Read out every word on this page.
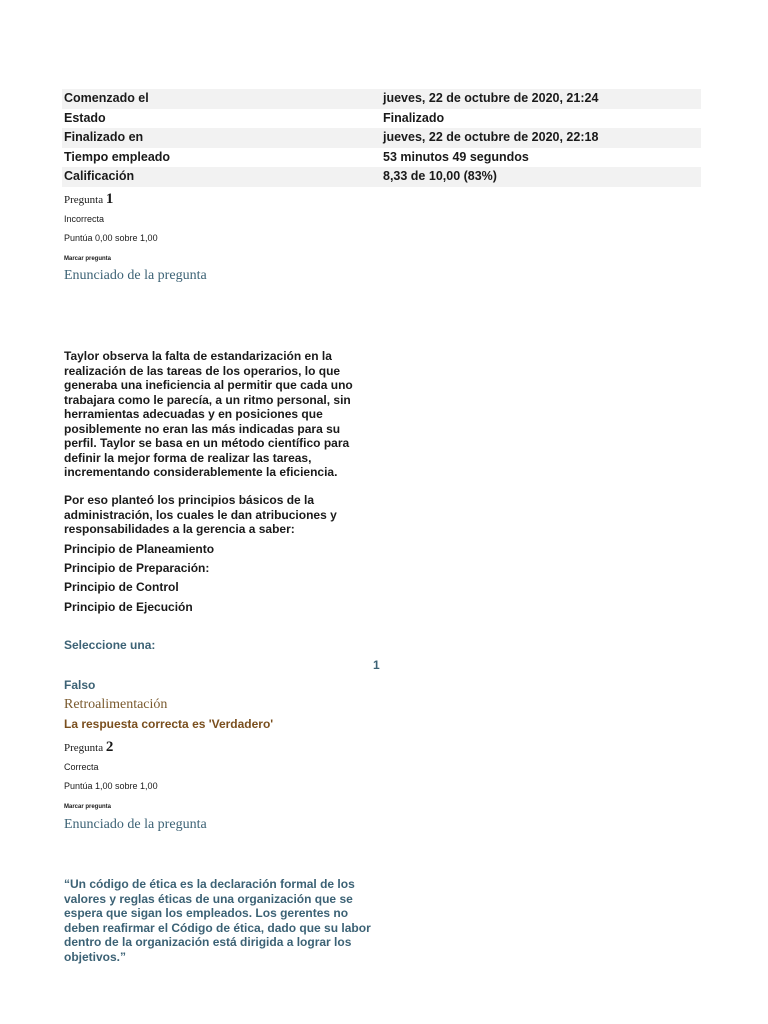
Comenzado el	jueves, 22 de octubre de 2020, 21:24
Estado	Finalizado
Finalizado en	jueves, 22 de octubre de 2020, 22:18
Tiempo empleado	53 minutos 49 segundos
Calificación	8,33 de 10,00 (83%)
Pregunta 1
Incorrecta
Puntúa 0,00 sobre 1,00
Marcar pregunta
Enunciado de la pregunta
Taylor observa la falta de estandarización en la realización de las tareas de los operarios, lo que generaba una ineficiencia al permitir que cada uno trabajara como le parecía, a un ritmo personal, sin herramientas adecuadas y en posiciones que posiblemente no eran las más indicadas para su perfil. Taylor se basa en un método científico para definir la mejor forma de realizar las tareas, incrementando considerablemente la eficiencia.
Por eso planteó los principios básicos de la administración, los cuales le dan atribuciones y responsabilidades a la gerencia a saber:
Principio de Planeamiento
Principio de Preparación:
Principio de Control
Principio de Ejecución
Seleccione una:
1
Falso
Retroalimentación
La respuesta correcta es 'Verdadero'
Pregunta 2
Correcta
Puntúa 1,00 sobre 1,00
Marcar pregunta
Enunciado de la pregunta
“Un código de ética es la declaración formal de los valores y reglas éticas de una organización que se espera que sigan los empleados. Los gerentes no deben reafirmar el Código de ética, dado que su labor dentro de la organización está dirigida a lograr los objetivos.”
